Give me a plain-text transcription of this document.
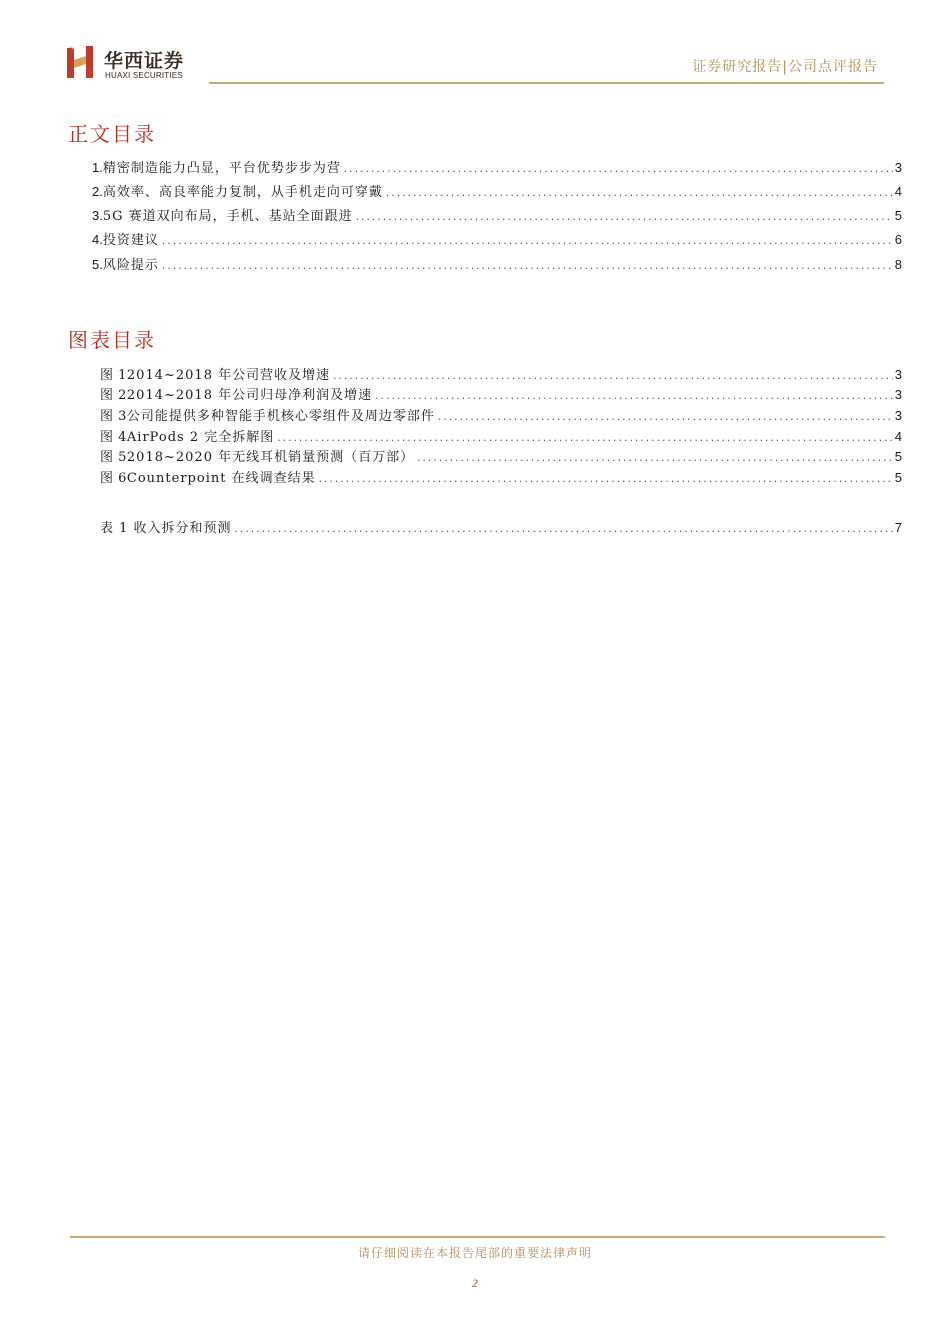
华西证券
HUAXI SECURITIES
证券研究报告|公司点评报告
正文目录
1. 精密制造能力凸显，平台优势步步为营 .....	3
2. 高效率、高良率能力复制，从手机走向可穿戴 .....	4
3. 5G 赛道双向布局，手机、基站全面跟进 .....	5
4. 投资建议 .....	6
5. 风险提示 .....	8
图表目录
图 1 2014~2018 年公司营收及增速 .....	3
图 2 2014~2018 年公司归母净利润及增速 .....	3
图 3 公司能提供多种智能手机核心零组件及周边零部件 .....	3
图 4 AirPods 2 完全拆解图 .....	4
图 5 2018~2020 年无线耳机销量预测（百万部） .....	5
图 6 Counterpoint 在线调查结果 .....	5
表 1 收入拆分和预测 .....	7
请仔细阅读在本报告尾部的重要法律声明
2
